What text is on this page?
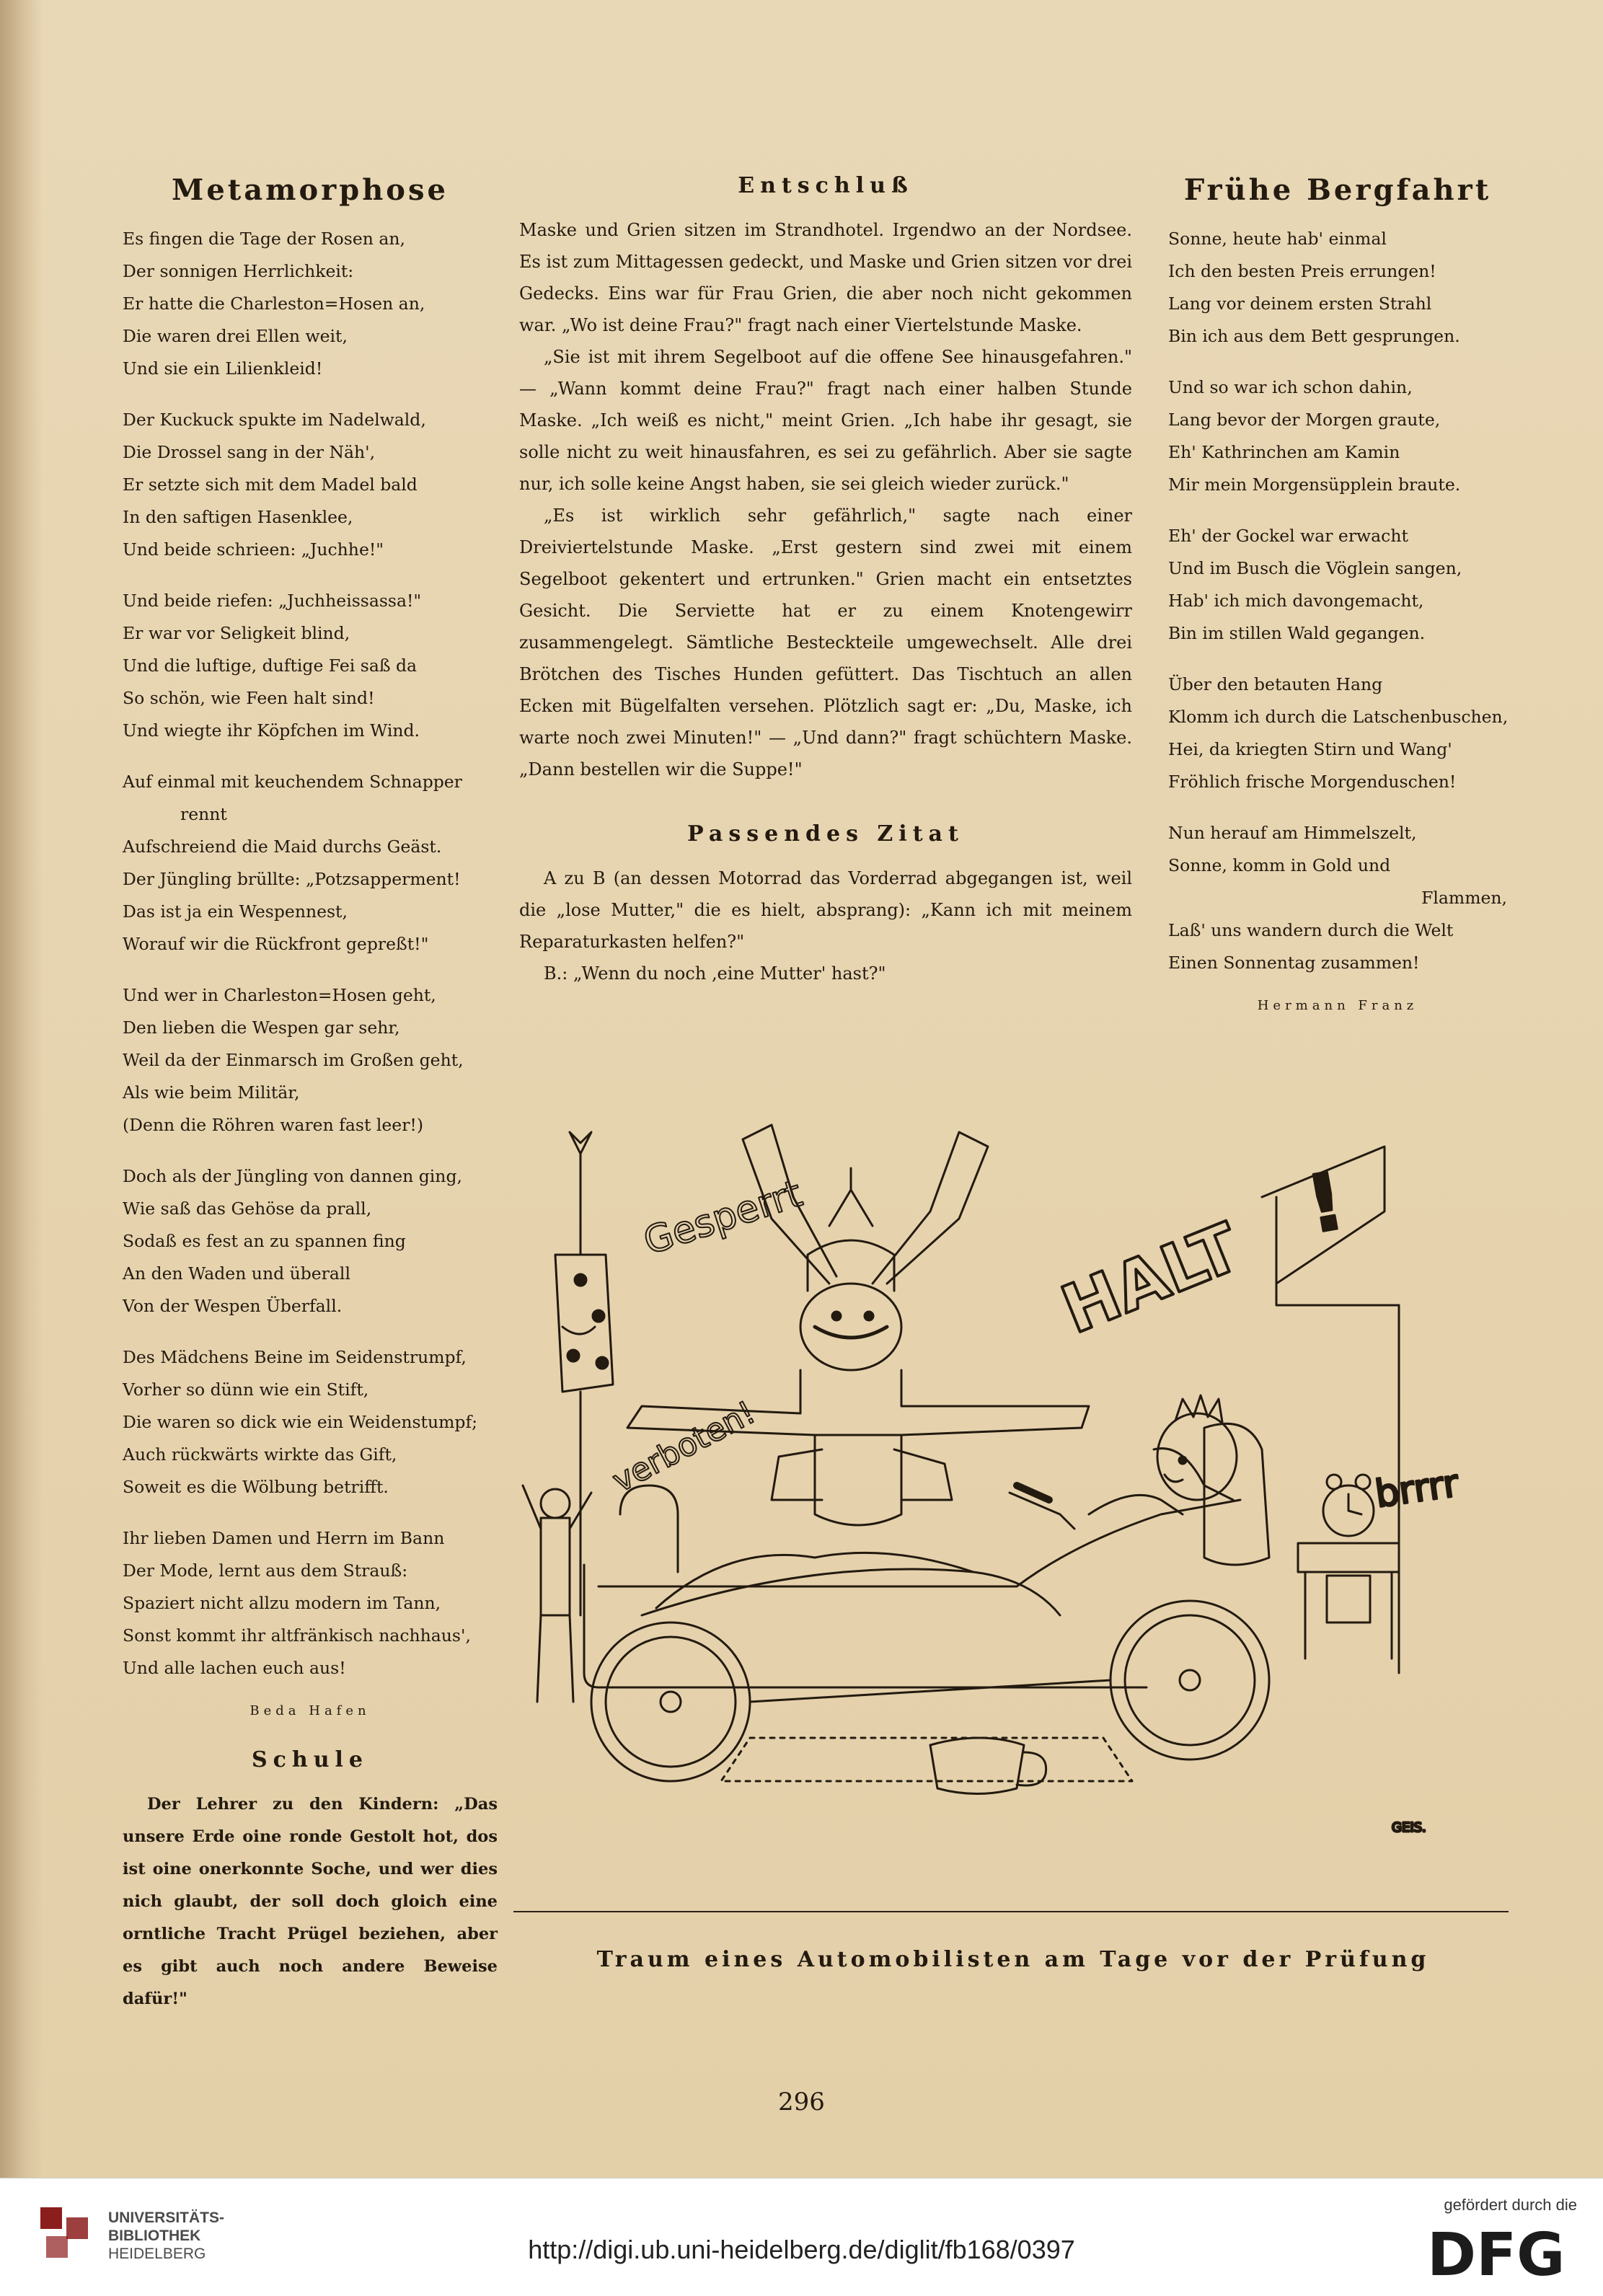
Metamorphose
Es fingen die Tage der Rosen an,
Der sonnigen Herrlichkeit:
Er hatte die Charleston=Hosen an,
Die waren drei Ellen weit,
Und sie ein Lilienkleid!
Der Kuckuck spukte im Nadelwald,
Die Drossel sang in der Näh',
Er setzte sich mit dem Madel bald
In den saftigen Hasenklee,
Und beide schrieen: „Juchhe!"
Und beide riefen: „Juchheissassa!"
Er war vor Seligkeit blind,
Und die luftige, duftige Fei saß da
So schön, wie Feen halt sind!
Und wiegte ihr Köpfchen im Wind.
Auf einmal mit keuchendem Schnapper
rennt
Aufschreiend die Maid durchs Geäst.
Der Jüngling brüllte: „Potzsapperment!
Das ist ja ein Wespennest,
Worauf wir die Rückfront gepreßt!"
Und wer in Charleston=Hosen geht,
Den lieben die Wespen gar sehr,
Weil da der Einmarsch im Großen geht,
Als wie beim Militär,
(Denn die Röhren waren fast leer!)
Doch als der Jüngling von dannen ging,
Wie saß das Gehöse da prall,
Sodaß es fest an zu spannen fing
An den Waden und überall
Von der Wespen Überfall.
Des Mädchens Beine im Seidenstrumpf,
Vorher so dünn wie ein Stift,
Die waren so dick wie ein Weidenstumpf;
Auch rückwärts wirkte das Gift,
Soweit es die Wölbung betrifft.
Ihr lieben Damen und Herrn im Bann
Der Mode, lernt aus dem Strauß:
Spaziert nicht allzu modern im Tann,
Sonst kommt ihr altfränkisch nachhaus',
Und alle lachen euch aus!
Beda Hafen
Schule

Der Lehrer zu den Kindern: „Das unsere Erde oine ronde Gestolt hot, dos ist oine onerkonnte Soche, und wer dies nich glaubt, der soll doch gloich eine orntliche Tracht Prügel beziehen, aber es gibt auch noch andere Beweise dafür!"

Entschluß

Maske und Grien sitzen im Strandhotel. Irgendwo an der Nordsee. Es ist zum Mittagessen gedeckt, und Maske und Grien sitzen vor drei Gedecks. Eins war für Frau Grien, die aber noch nicht gekommen war. „Wo ist deine Frau?" fragt nach einer Viertelstunde Maske.

„Sie ist mit ihrem Segelboot auf die offene See hinausgefahren." — „Wann kommt deine Frau?" fragt nach einer halben Stunde Maske. „Ich weiß es nicht," meint Grien. „Ich habe ihr gesagt, sie solle nicht zu weit hinausfahren, es sei zu gefährlich. Aber sie sagte nur, ich solle keine Angst haben, sie sei gleich wieder zurück."

„Es ist wirklich sehr gefährlich," sagte nach einer Dreiviertelstunde Maske. „Erst gestern sind zwei mit einem Segelboot gekentert und ertrunken." Grien macht ein entsetztes Gesicht. Die Serviette hat er zu einem Knotengewirr zusammengelegt. Sämtliche Besteckteile umgewechselt. Alle drei Brötchen des Tisches Hunden gefüttert. Das Tischtuch an allen Ecken mit Bügelfalten versehen. Plötzlich sagt er: „Du, Maske, ich warte noch zwei Minuten!" — „Und dann?" fragt schüchtern Maske. „Dann bestellen wir die Suppe!"

Passendes Zitat

A zu B (an dessen Motorrad das Vorderrad abgegangen ist, weil die „lose Mutter," die es hielt, absprang): „Kann ich mit meinem Reparaturkasten helfen?"

B.: „Wenn du noch ‚eine Mutter' hast?"

Frühe Bergfahrt
Sonne, heute hab' einmal
Ich den besten Preis errungen!
Lang vor deinem ersten Strahl
Bin ich aus dem Bett gesprungen.
Und so war ich schon dahin,
Lang bevor der Morgen graute,
Eh' Kathrinchen am Kamin
Mir mein Morgensüpplein braute.
Eh' der Gockel war erwacht
Und im Busch die Vöglein sangen,
Hab' ich mich davongemacht,
Bin im stillen Wald gegangen.
Über den betauten Hang
Klomm ich durch die Latschenbuschen,
Hei, da kriegten Stirn und Wang'
Fröhlich frische Morgenduschen!
Nun herauf am Himmelszelt,
Sonne, komm in Gold und
Flammen,
Laß' uns wandern durch die Welt
Einen Sonnentag zusammen!
Hermann Franz
Gesperrt	HALT
!
verboten!	brrrr
GEIS.
Traum eines Automobilisten am Tage vor der Prüfung
296
UNIVERSITÄTS-
BIBLIOTHEK
HEIDELBERG	http://digi.ub.uni-heidelberg.de/diglit/fb168/0397
gefördert durch die
DFG
